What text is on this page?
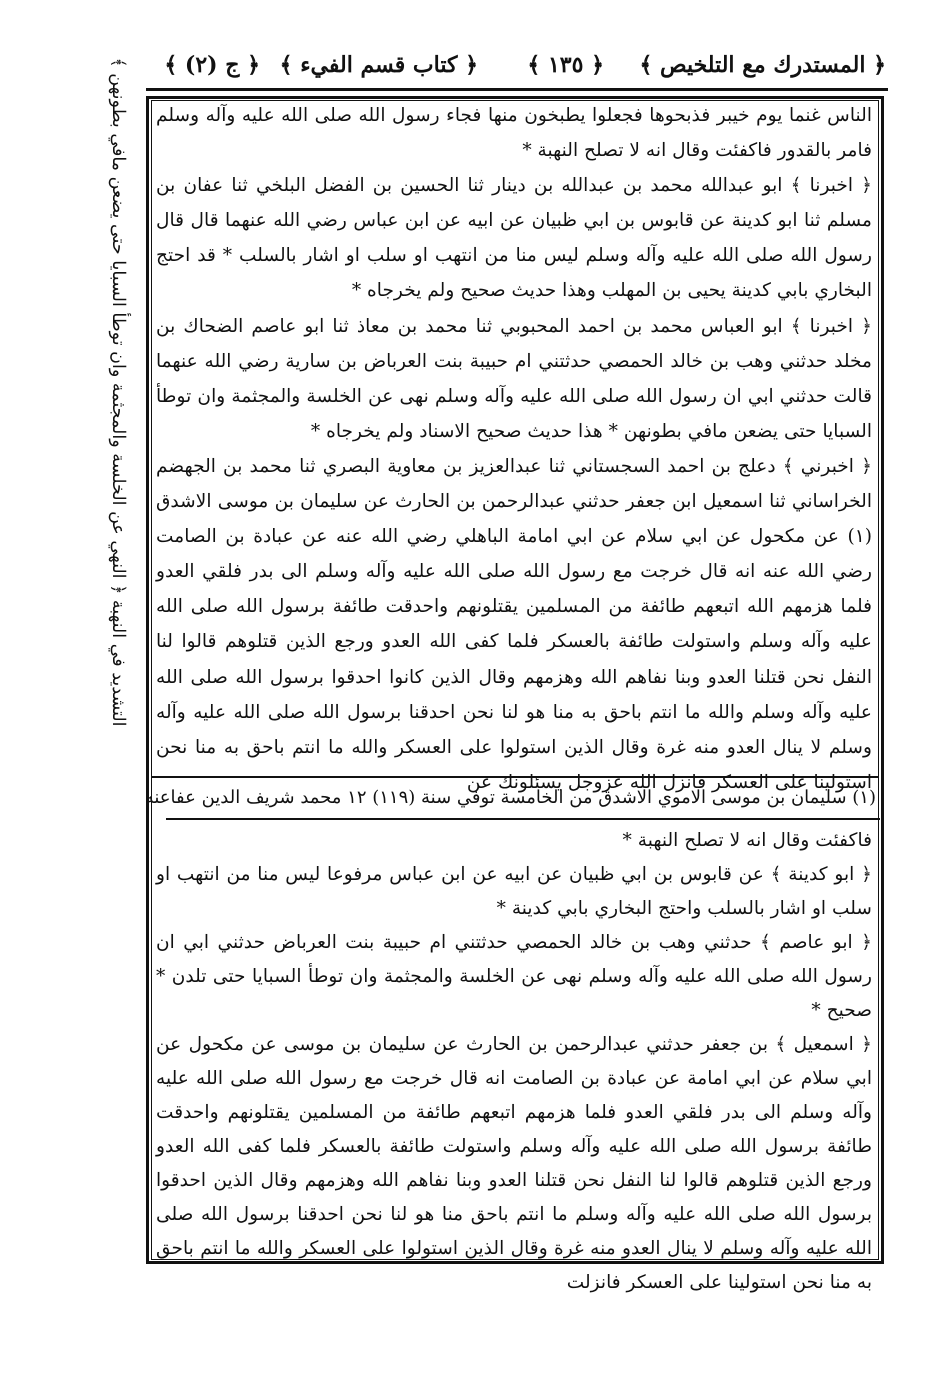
﴿ المستدرك مع التلخيص ﴾
﴿ ١٣٥ ﴾
﴿ كتاب قسم الفيء ﴾
﴿ ج (٢) ﴾
التشديد في النهبة ﴿ النهي عن الخلسة والمجثمة وان توطأ السبايا حتى يضعن مافي بطونهن ﴾ الناس غنما يوم خيبر فذبحوها فجعلوا يطبخون منها فجاء رسول الله صلى الله عليه وآله وسلم فامر بالقدور فاكفئت وقال انه لا تصلح النهبة *

﴿ اخبرنا ﴾ ابو عبدالله محمد بن عبدالله بن دينار ثنا الحسين بن الفضل البلخي ثنا عفان بن مسلم ثنا ابو كدينة عن قابوس بن ابي ظبيان عن ابيه عن ابن عباس رضي الله عنهما قال قال رسول الله صلى الله عليه وآله وسلم ليس منا من انتهب او سلب او اشار بالسلب * قد احتج البخاري بابي كدينة يحيى بن المهلب وهذا حديث صحيح ولم يخرجاه *

﴿ اخبرنا ﴾ ابو العباس محمد بن احمد المحبوبي ثنا محمد بن معاذ ثنا ابو عاصم الضحاك بن مخلد حدثني وهب بن خالد الحمصي حدثتني ام حبيبة بنت العرباض بن سارية رضي الله عنهما قالت حدثني ابي ان رسول الله صلى الله عليه وآله وسلم نهى عن الخلسة والمجثمة وان توطأ السبايا حتى يضعن مافي بطونهن * هذا حديث صحيح الاسناد ولم يخرجاه *

﴿ اخبرني ﴾ دعلج بن احمد السجستاني ثنا عبدالعزيز بن معاوية البصري ثنا محمد بن الجهضم الخراساني ثنا اسمعيل ابن جعفر حدثني عبدالرحمن بن الحارث عن سليمان بن موسى الاشدق (١) عن مكحول عن ابي سلام عن ابي امامة الباهلي رضي الله عنه عن عبادة بن الصامت رضي الله عنه انه قال خرجت مع رسول الله صلى الله عليه وآله وسلم الى بدر فلقي العدو فلما هزمهم الله اتبعهم طائفة من المسلمين يقتلونهم واحدقت طائفة برسول الله صلى الله عليه وآله وسلم واستولت طائفة بالعسكر فلما كفى الله العدو ورجع الذين قتلوهم قالوا لنا النفل نحن قتلنا العدو وبنا نفاهم الله وهزمهم وقال الذين كانوا احدقوا برسول الله صلى الله عليه وآله وسلم والله ما انتم باحق به منا هو لنا نحن احدقنا برسول الله صلى الله عليه وآله وسلم لا ينال العدو منه غرة وقال الذين استولوا على العسكر والله ما انتم باحق به منا نحن استولينا على العسكر فانزل الله عزوجل يسئلونك عن

(١) سليمان بن موسى الاموي الاشدق من الخامسة توفي سنة (١١٩) ١٢ محمد شريف الدين عفاعنه

فاكفئت وقال انه لا تصلح النهبة *

﴿ ابو كدينة ﴾ عن قابوس بن ابي ظبيان عن ابيه عن ابن عباس مرفوعا ليس منا من انتهب او سلب او اشار بالسلب واحتج البخاري بابي كدينة *

﴿ ابو عاصم ﴾ حدثني وهب بن خالد الحمصي حدثتني ام حبيبة بنت العرباض حدثني ابي ان رسول الله صلى الله عليه وآله وسلم نهى عن الخلسة والمجثمة وان توطأ السبايا حتى تلدن * صحيح *

﴿ اسمعيل ﴾ بن جعفر حدثني عبدالرحمن بن الحارث عن سليمان بن موسى عن مكحول عن ابي سلام عن ابي امامة عن عبادة بن الصامت انه قال خرجت مع رسول الله صلى الله عليه وآله وسلم الى بدر فلقي العدو فلما هزمهم اتبعهم طائفة من المسلمين يقتلونهم واحدقت طائفة برسول الله صلى الله عليه وآله وسلم واستولت طائفة بالعسكر فلما كفى الله العدو ورجع الذين قتلوهم قالوا لنا النفل نحن قتلنا العدو وبنا نفاهم الله وهزمهم وقال الذين احدقوا برسول الله صلى الله عليه وآله وسلم ما انتم باحق منا هو لنا نحن احدقنا برسول الله صلى الله عليه وآله وسلم لا ينال العدو منه غرة وقال الذين استولوا على العسكر والله ما انتم باحق به منا نحن استولينا على العسكر فانزلت
